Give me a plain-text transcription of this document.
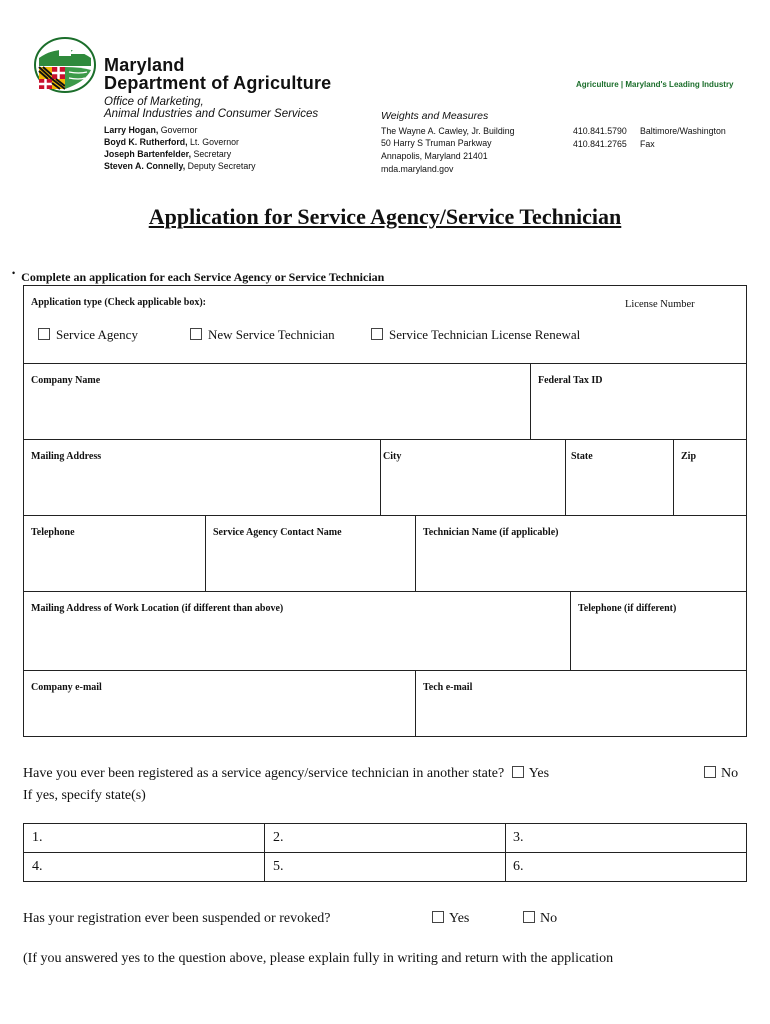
Maryland
Department of Agriculture
Office of Marketing,
Animal Industries and Consumer Services
Larry Hogan, Governor
Boyd K. Rutherford, Lt. Governor
Joseph Bartenfelder, Secretary
Steven A. Connelly, Deputy Secretary
Agriculture | Maryland's Leading Industry
Weights and Measures
The Wayne A. Cawley, Jr. Building
50 Harry S Truman Parkway
Annapolis, Maryland 21401
mda.maryland.gov
410.841.5790 Baltimore/Washington
410.841.2765 Fax
Application for Service Agency/Service Technician
• Complete an application for each Service Agency or Service Technician
Application type (Check applicable box):	License Number
Service Agency	New Service Technician	Service Technician License Renewal
Company Name	Federal Tax ID
Mailing Address	City	State	Zip
Telephone	Service Agency Contact Name	Technician Name (if applicable)
Mailing Address of Work Location (if different than above)	Telephone (if different)
Company e-mail	Tech e-mail
Have you ever been registered as a service agency/service technician in another state? Yes	No
If yes, specify state(s)
1.	2.	3.
4.	5.	6.
Has your registration ever been suspended or revoked?	Yes	No
(If you answered yes to the question above, please explain fully in writing and return with the application
